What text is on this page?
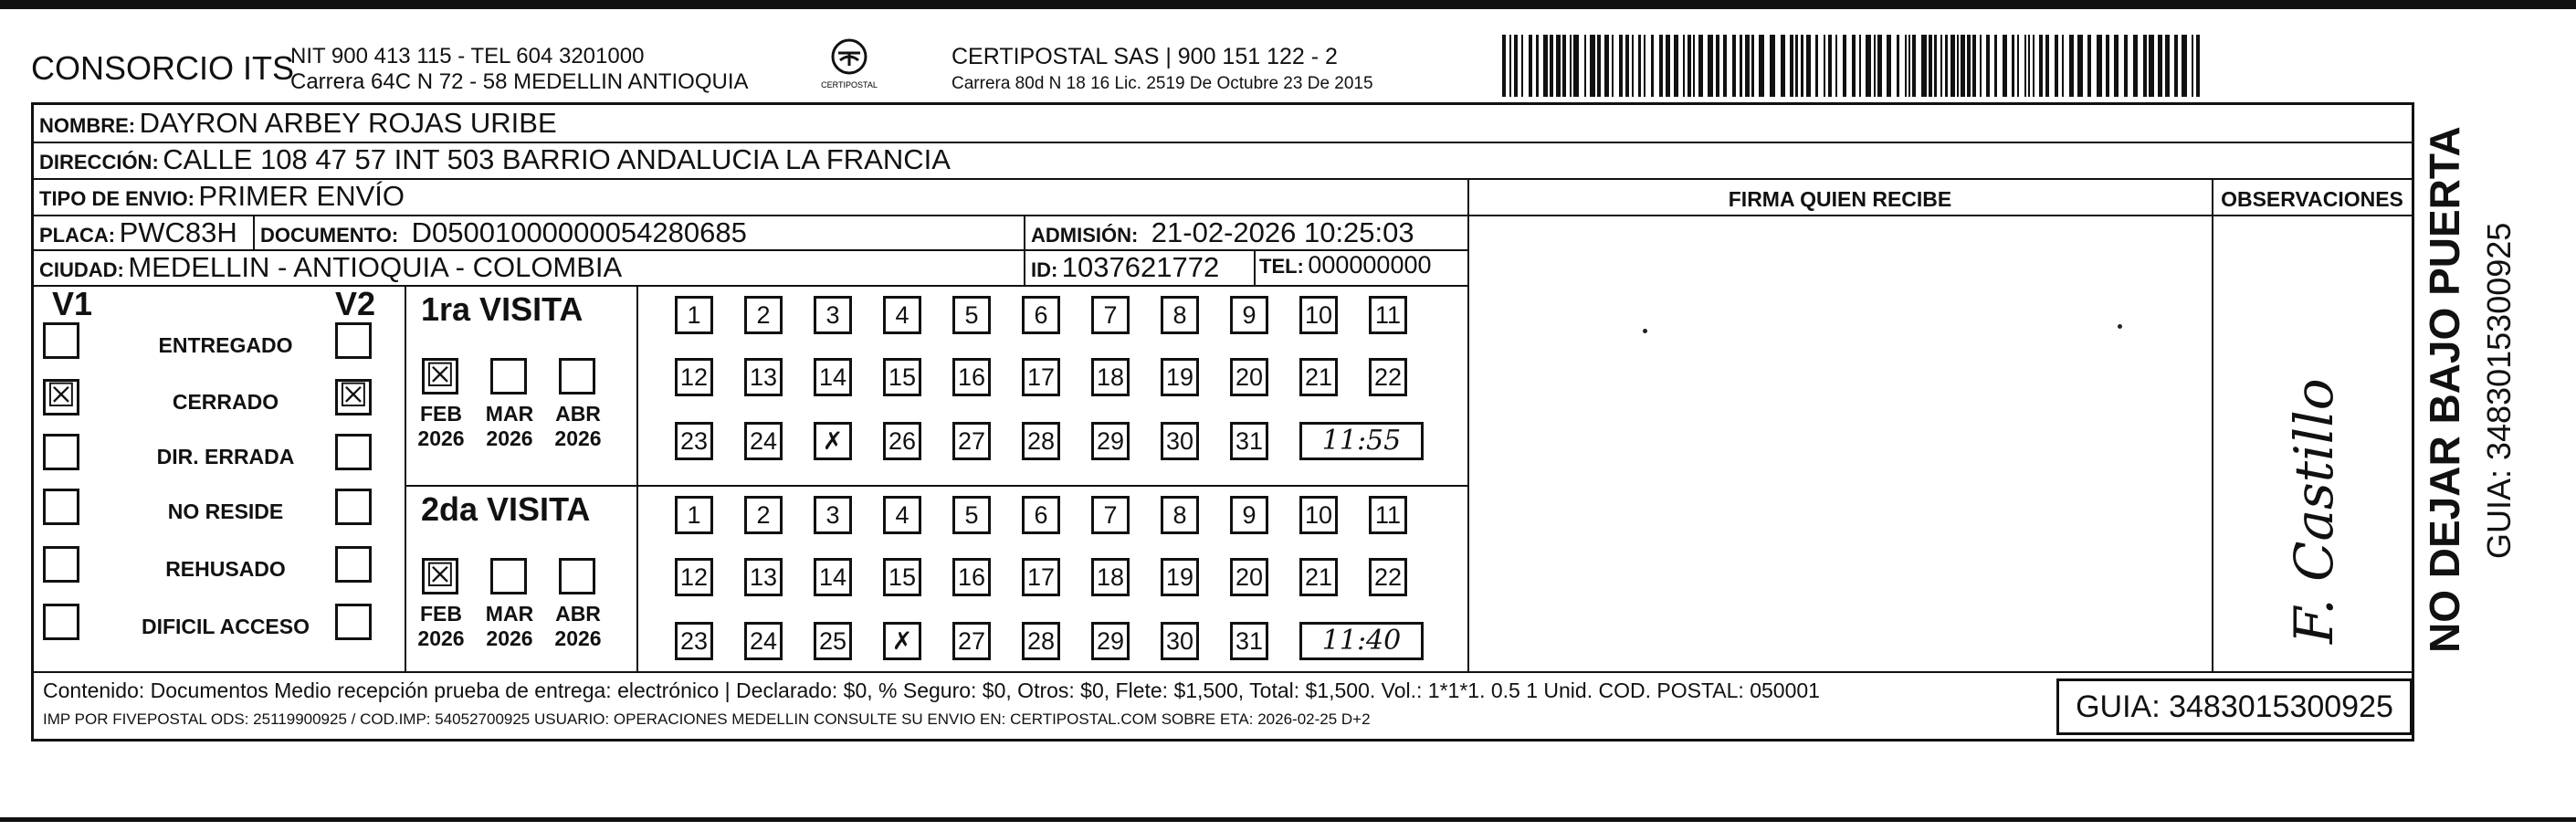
CONSORCIO ITS
NIT 900 413 115 - TEL 604 3201000
Carrera 64C N 72 - 58 MEDELLIN ANTIOQUIA	CERTIPOSTAL
CERTIPOSTAL SAS | 900 151 122 - 2
Carrera 80d N 18 16 Lic. 2519 De Octubre 23 De 2015
NOMBRE: DAYRON ARBEY ROJAS URIBE
DIRECCIÓN: CALLE 108 47 57 INT 503 BARRIO ANDALUCIA LA FRANCIA
TIPO DE ENVIO: PRIMER ENVÍO	FIRMA QUIEN RECIBE	OBSERVACIONES
PLACA: PWC83H DOCUMENTO: D05001000000054280685	ADMISIÓN: 21-02-2026 10:25:03
CIUDAD: MEDELLIN - ANTIOQUIA - COLOMBIA	ID: 1037621772 TEL: 000000000
V1	V2
ENTREGADO
☒	CERRADO	☒
DIR. ERRADA
NO RESIDE
REHUSADO
DIFICIL ACCESO
1ra VISITA
☒
FEB
2026
MAR
2026
ABR
2026
1	2	3	4	5	6	7	8	9	10 11
12 13 14 15 16 17 18 19 20 21 22
23 24	✗	26 27 28 29 30 31	11:55
2da VISITA
☒
FEB
2026
MAR
2026
ABR
2026
1	2	3	4	5	6	7	8	9	10 11
12 13 14 15 16 17 18 19 20 21 22
23 24 25	✗	27 28 29 30 31	11:40
Contenido: Documentos Medio recepción prueba de entrega: electrónico | Declarado: $0, % Seguro: $0, Otros: $0, Flete: $1,500, Total: $1,500. Vol.: 1*1*1. 0.5 1 Unid. COD. POSTAL: 050001
IMP POR FIVEPOSTAL ODS: 25119900925 / COD.IMP: 54052700925 USUARIO: OPERACIONES MEDELLIN CONSULTE SU ENVIO EN: CERTIPOSTAL.COM SOBRE ETA: 2026-02-25 D+2	GUIA: 3483015300925
F. Castillo NO DEJAR BAJO PUERTA GUIA: 3483015300925
